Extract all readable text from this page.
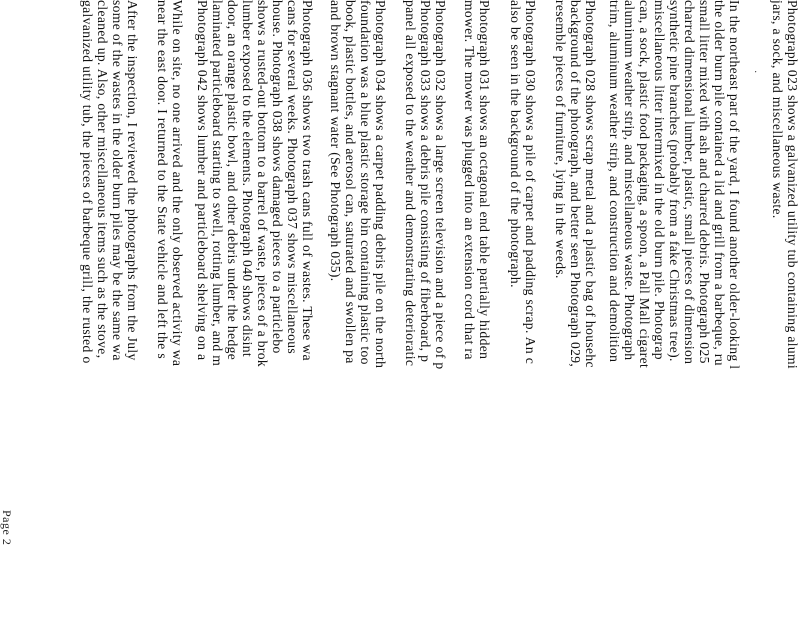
Photograph 023 shows a galvanized utility tub containing alumi
jars, a sock, and miscellaneous waste.
In the northeast part of the yard, I found another older-looking l
the older burn pile contained a lid and grill from a barbeque, ru
small litter mixed with ash and charred debris. Photograph 025
charred dimensional lumber, plastic, small pieces of dimension
synthetic pine branches (probably from a fake Christmas tree).
miscellaneous litter intermixed in the old burn pile. Photograp
can, a sock, plastic food packaging, a spoon, a Pall Mall cigaret
aluminum weather strip, and miscellaneous waste. Photograph
trim, aluminum weather strip, and construction and demolition
Photograph 028 shows scrap metal and a plastic bag of househc
background of the photograph, and better seen Photograph 029,
resemble pieces of furniture, lying in the weeds.
Photograph 030 shows a pile of carpet and padding scrap. An c
also be seen in the background of the photograph.
Photograph 031 shows an octagonal end table partially hidden
mower. The mower was plugged into an extension cord that ra
Photograph 032 shows a large screen television and a piece of p
Photograph 033 shows a debris pile consisting of fiberboard, p
panel all exposed to the weather and demonstrating deterioratic
Photograph 034 shows a carpet padding debris pile on the north
foundation was a blue plastic storage bin containing plastic too
book, plastic bottles, and aerosol can, saturated and swollen pa
and brown stagnant water (See Photograph 035).
Photograph 036 shows two trash cans full of wastes. These wa
cans for several weeks. Photograph 037 shows miscellaneous
house. Photograph 038 shows damaged pieces to a particlebo
shows a rusted-out bottom to a barrel of waste, pieces of a brok
lumber exposed to the elements. Photograph 040 shows disint
door, an orange plastic bowl, and other debris under the hedge
laminated particleboard starting to swell, rotting lumber, and m
Photograph 042 shows lumber and particleboard shelving on a
While on site, no one arrived and the only observed activity wa
near the east door. I returned to the State vehicle and left the s
After the inspection, I reviewed the photographs from the July
some of the wastes in the older burn piles may be the same wa
cleaned up. Also, other miscellaneous items such as the stove,
galvanized utility tub, the pieces of barbeque grill, the rusted o
Page 2
·
